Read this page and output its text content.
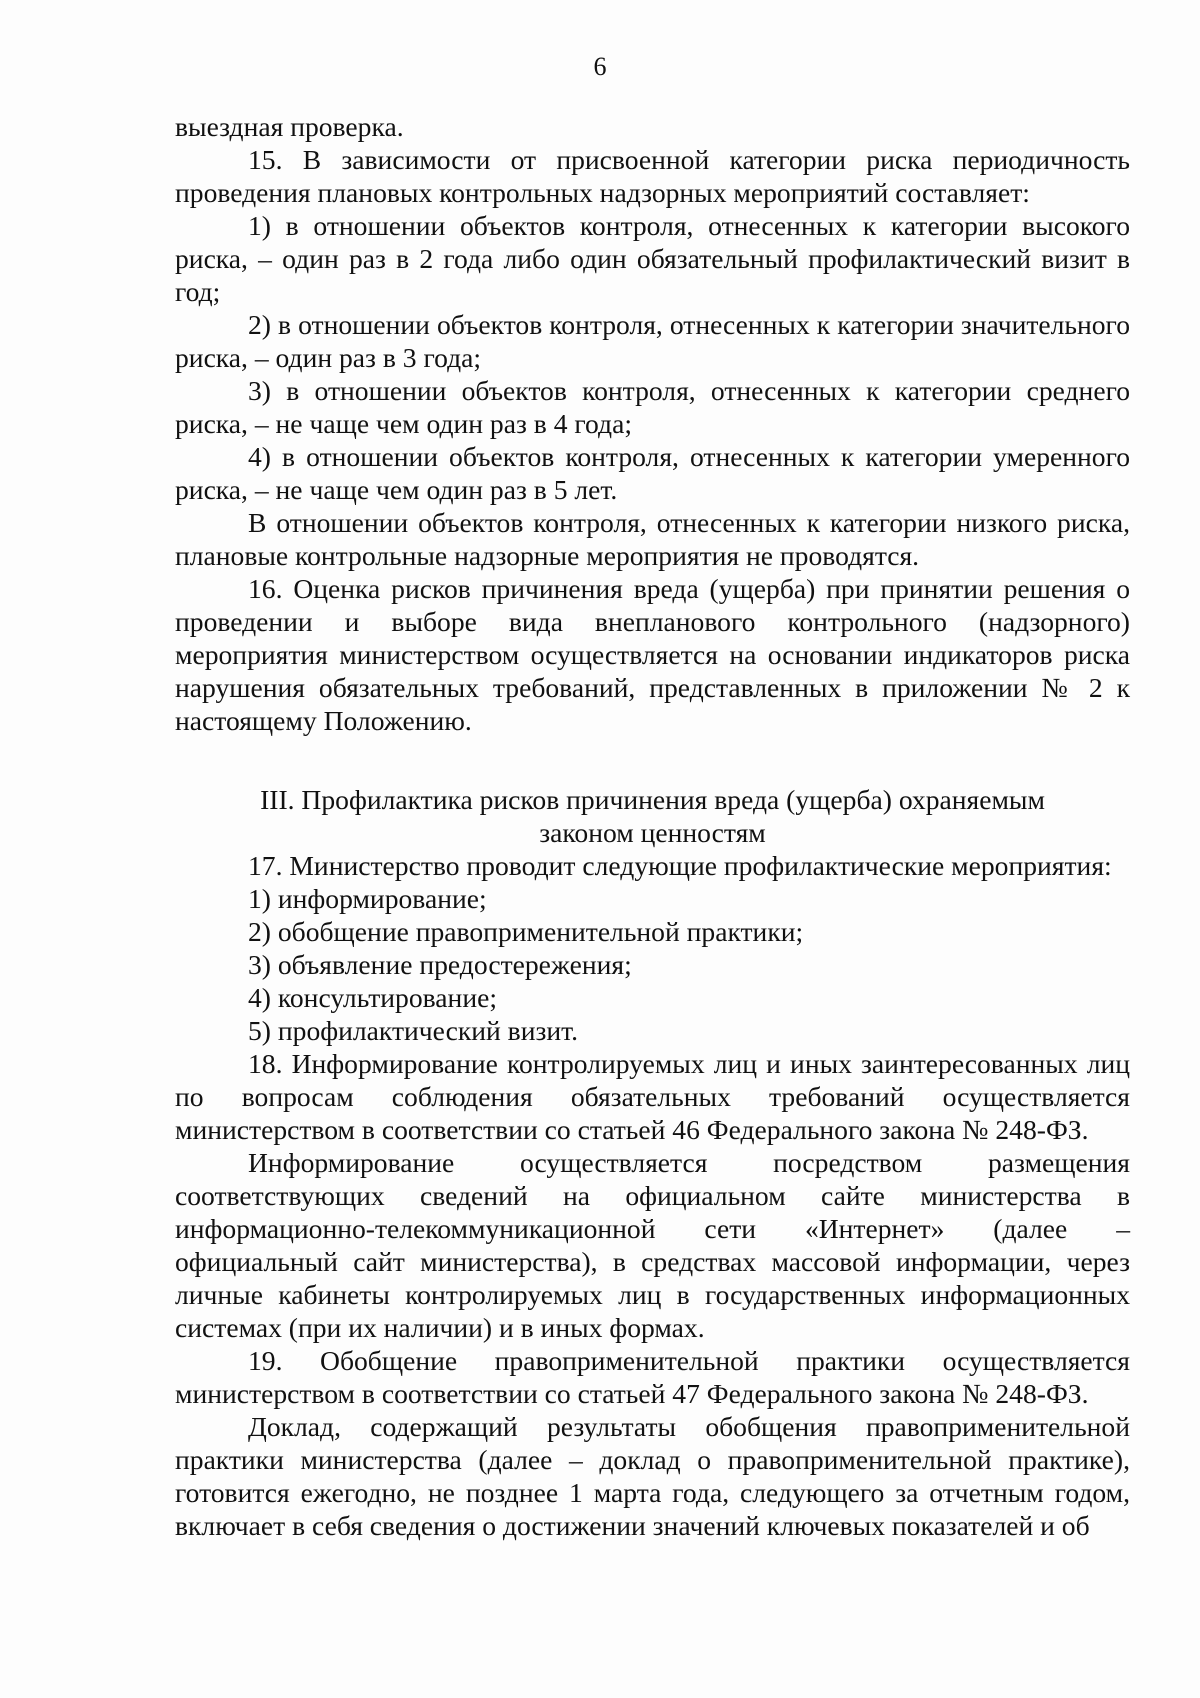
6

выездная проверка.

15. В зависимости от присвоенной категории риска периодичность проведения плановых контрольных надзорных мероприятий составляет:

1) в отношении объектов контроля, отнесенных к категории высокого риска, – один раз в 2 года либо один обязательный профилактический визит в год;

2) в отношении объектов контроля, отнесенных к категории значительного риска, – один раз в 3 года;

3) в отношении объектов контроля, отнесенных к категории среднего риска, – не чаще чем один раз в 4 года;

4) в отношении объектов контроля, отнесенных к категории умеренного риска, – не чаще чем один раз в 5 лет.

В отношении объектов контроля, отнесенных к категории низкого риска, плановые контрольные надзорные мероприятия не проводятся.

16. Оценка рисков причинения вреда (ущерба) при принятии решения о проведении и выборе вида внепланового контрольного (надзорного) мероприятия министерством осуществляется на основании индикаторов риска нарушения обязательных требований, представленных в приложении № 2 к настоящему Положению.

III. Профилактика рисков причинения вреда (ущерба) охраняемым
законом ценностям

17. Министерство проводит следующие профилактические мероприятия:

1) информирование;

2) обобщение правоприменительной практики;

3) объявление предостережения;

4) консультирование;

5) профилактический визит.

18. Информирование контролируемых лиц и иных заинтересованных лиц по вопросам соблюдения обязательных требований осуществляется министерством в соответствии со статьей 46 Федерального закона № 248-ФЗ.

Информирование осуществляется посредством размещения соответствующих сведений на официальном сайте министерства в информационно-телекоммуникационной сети «Интернет» (далее – официальный сайт министерства), в средствах массовой информации, через личные кабинеты контролируемых лиц в государственных информационных системах (при их наличии) и в иных формах.

19. Обобщение правоприменительной практики осуществляется министерством в соответствии со статьей 47 Федерального закона № 248-ФЗ.

Доклад, содержащий результаты обобщения правоприменительной практики министерства (далее – доклад о правоприменительной практике), готовится ежегодно, не позднее 1 марта года, следующего за отчетным годом, включает в себя сведения о достижении значений ключевых показателей и об
